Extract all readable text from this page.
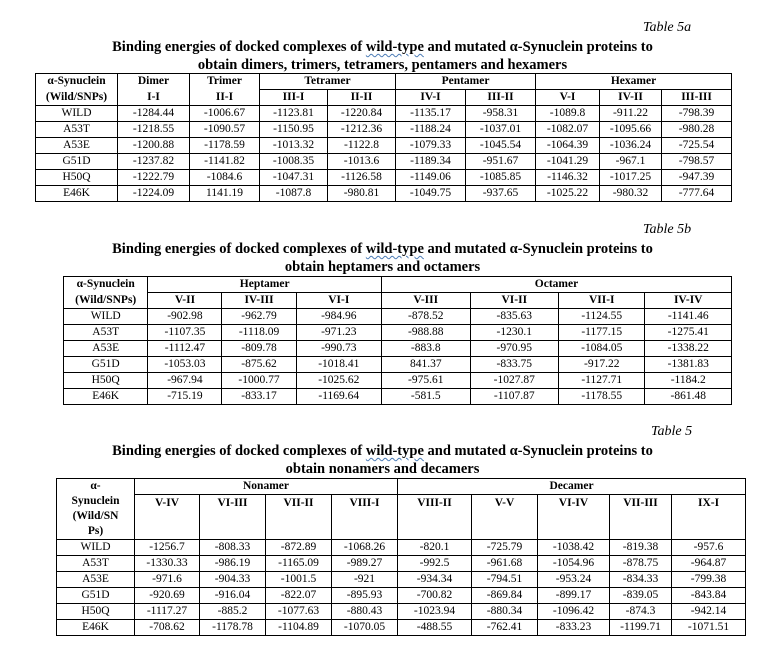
Table 5a
Binding energies of docked complexes of wild-type and mutated α-Synuclein proteins to
obtain dimers, trimers, tetramers, pentamers and hexamers
α-Synuclein	Dimer	Trimer	Tetramer		Pentamer		Hexamer		
(Wild/SNPs)	I-I	II-I	III-I	II-II	IV-I	III-II	V-I	IV-II	III-III
WILD	-1284.44	-1006.67	-1123.81	-1220.84	-1135.17	-958.31	-1089.8	-911.22	-798.39
A53T	-1218.55	-1090.57	-1150.95	-1212.36	-1188.24	-1037.01	-1082.07	-1095.66	-980.28
A53E	-1200.88	-1178.59	-1013.32	-1122.8	-1079.33	-1045.54	-1064.39	-1036.24	-725.54
G51D	-1237.82	-1141.82	-1008.35	-1013.6	-1189.34	-951.67	-1041.29	-967.1	-798.57
H50Q	-1222.79	-1084.6	-1047.31	-1126.58	-1149.06	-1085.85	-1146.32	-1017.25	-947.39
E46K	-1224.09	1141.19	-1087.8	-980.81	-1049.75	-937.65	-1025.22	-980.32	-777.64
Table 5b
Binding energies of docked complexes of wild-type and mutated α-Synuclein proteins to
obtain heptamers and octamers
α-Synuclein	Heptamer			Octamer			
(Wild/SNPs)	V-II	IV-III	VI-I	V-III	VI-II	VII-I	IV-IV
WILD	-902.98	-962.79	-984.96	-878.52	-835.63	-1124.55	-1141.46
A53T	-1107.35	-1118.09	-971.23	-988.88	-1230.1	-1177.15	-1275.41
A53E	-1112.47	-809.78	-990.73	-883.8	-970.95	-1084.05	-1338.22
G51D	-1053.03	-875.62	-1018.41	841.37	-833.75	-917.22	-1381.83
H50Q	-967.94	-1000.77	-1025.62	-975.61	-1027.87	-1127.71	-1184.2
E46K	-715.19	-833.17	-1169.64	-581.5	-1107.87	-1178.55	-861.48
Table 5
Binding energies of docked complexes of wild-type and mutated α-Synuclein proteins to
obtain nonamers and decamers
α-
Synuclein
(Wild/SN
Ps)	Nonamer				Decamer				
	V-IV	VI-III	VII-II	VIII-I	VIII-II	V-V	VI-IV	VII-III	IX-I
WILD	-1256.7	-808.33	-872.89	-1068.26	-820.1	-725.79	-1038.42	-819.38	-957.6
A53T	-1330.33	-986.19	-1165.09	-989.27	-992.5	-961.68	-1054.96	-878.75	-964.87
A53E	-971.6	-904.33	-1001.5	-921	-934.34	-794.51	-953.24	-834.33	-799.38
G51D	-920.69	-916.04	-822.07	-895.93	-700.82	-869.84	-899.17	-839.05	-843.84
H50Q	-1117.27	-885.2	-1077.63	-880.43	-1023.94	-880.34	-1096.42	-874.3	-942.14
E46K	-708.62	-1178.78	-1104.89	-1070.05	-488.55	-762.41	-833.23	-1199.71	-1071.51
